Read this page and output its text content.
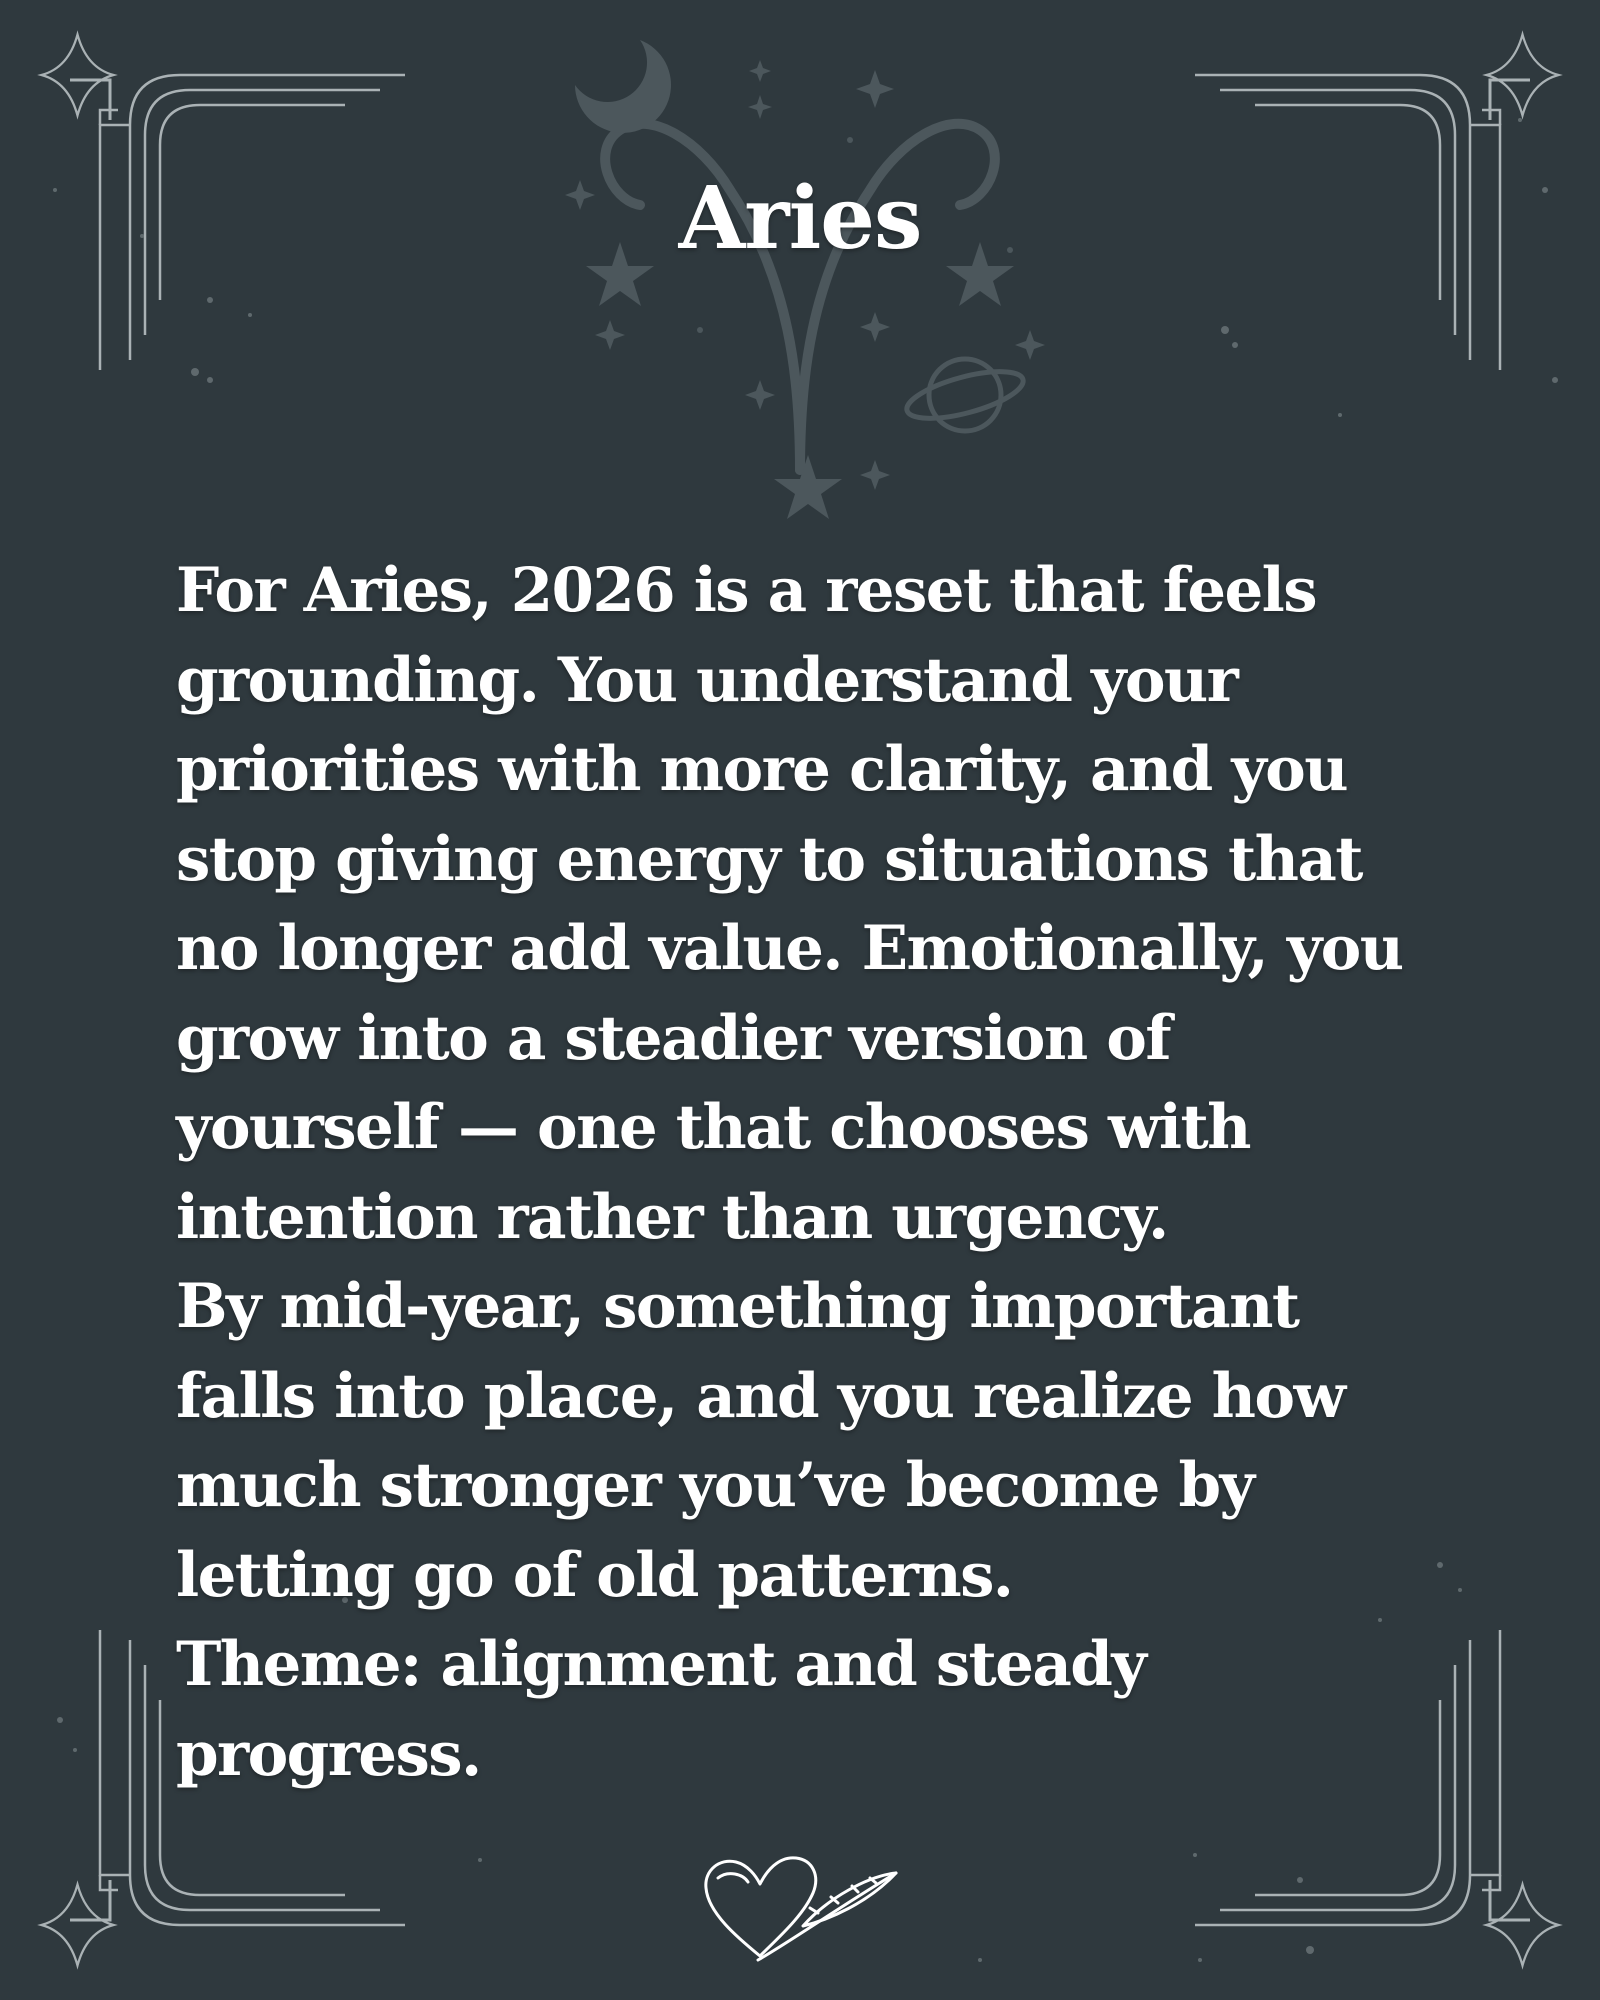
Aries

For Aries, 2026 is a reset that feels grounding. You understand your priorities with more clarity, and you stop giving energy to situations that no longer add value. Emotionally, you grow into a steadier version of yourself — one that chooses with intention rather than urgency.

By mid-year, something important falls into place, and you realize how much stronger you’ve become by letting go of old patterns.

Theme: alignment and steady progress.
